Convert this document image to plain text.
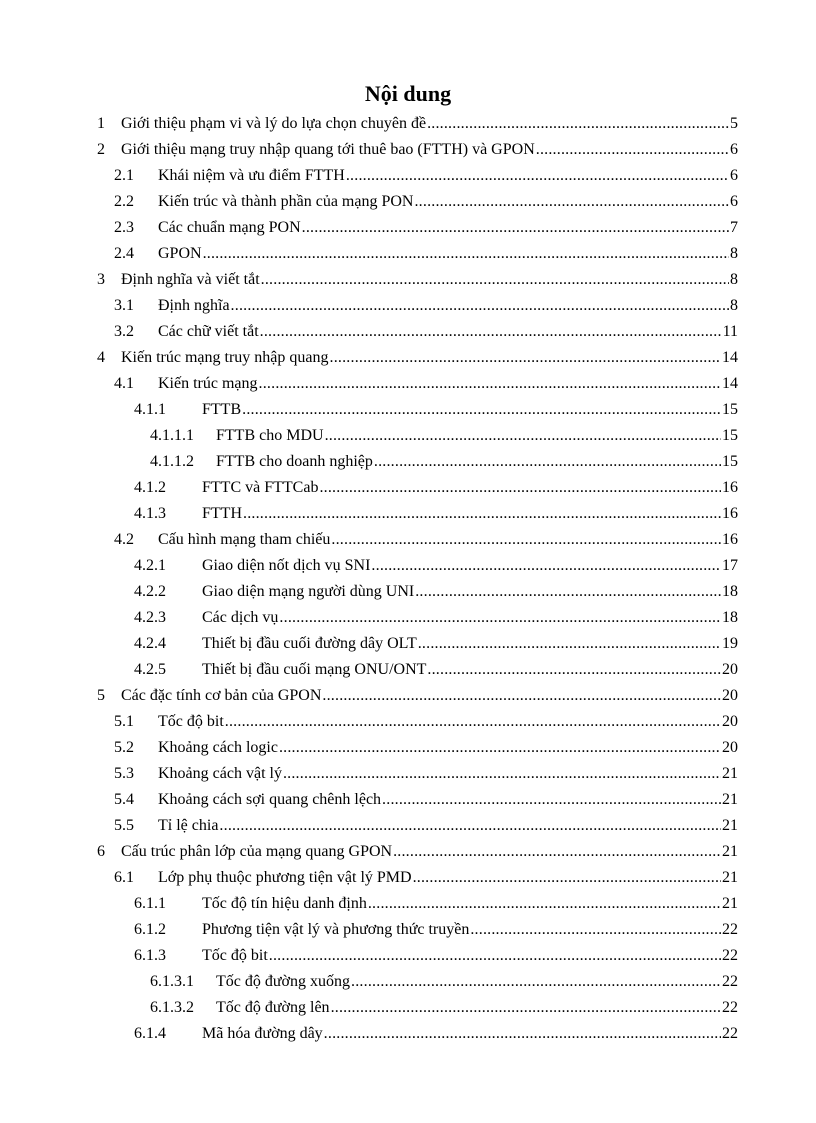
Nội dung
1	Giới thiệu phạm vi và lý do lựa chọn chuyên đề .....	5
2	Giới thiệu mạng truy nhập quang tới thuê bao (FTTH) và GPON .....	6
2.1	Khái niệm và ưu điểm FTTH .....	6
2.2	Kiến trúc và thành phần của mạng PON .....	6
2.3	Các chuẩn mạng PON .....	7
2.4	GPON .....	8
3	Định nghĩa và viết tắt .....	8
3.1	Định nghĩa .....	8
3.2	Các chữ viết tắt .....	11
4	Kiến trúc mạng truy nhập quang .....	14
4.1	Kiến trúc mạng .....	14
4.1.1	FTTB .....	15
4.1.1.1	FTTB cho MDU .....	15
4.1.1.2	FTTB cho doanh nghiệp .....	15
4.1.2	FTTC và FTTCab .....	16
4.1.3	FTTH .....	16
4.2	Cấu hình mạng tham chiếu .....	16
4.2.1	Giao diện nốt dịch vụ SNI .....	17
4.2.2	Giao diện mạng người dùng UNI .....	18
4.2.3	Các dịch vụ .....	18
4.2.4	Thiết bị đầu cuối đường dây OLT .....	19
4.2.5	Thiết bị đầu cuối mạng ONU/ONT .....	20
5	Các đặc tính cơ bản của GPON .....	20
5.1	Tốc độ bit .....	20
5.2	Khoảng cách logic .....	20
5.3	Khoảng cách vật lý .....	21
5.4	Khoảng cách sợi quang chênh lệch .....	21
5.5	Tỉ lệ chia .....	21
6	Cấu trúc phân lớp của mạng quang GPON .....	21
6.1	Lớp phụ thuộc phương tiện vật lý PMD .....	21
6.1.1	Tốc độ tín hiệu danh định .....	21
6.1.2	Phương tiện vật lý và phương thức truyền .....	22
6.1.3	Tốc độ bit .....	22
6.1.3.1	Tốc độ đường xuống .....	22
6.1.3.2	Tốc độ đường lên .....	22
6.1.4	Mã hóa đường dây .....	22
